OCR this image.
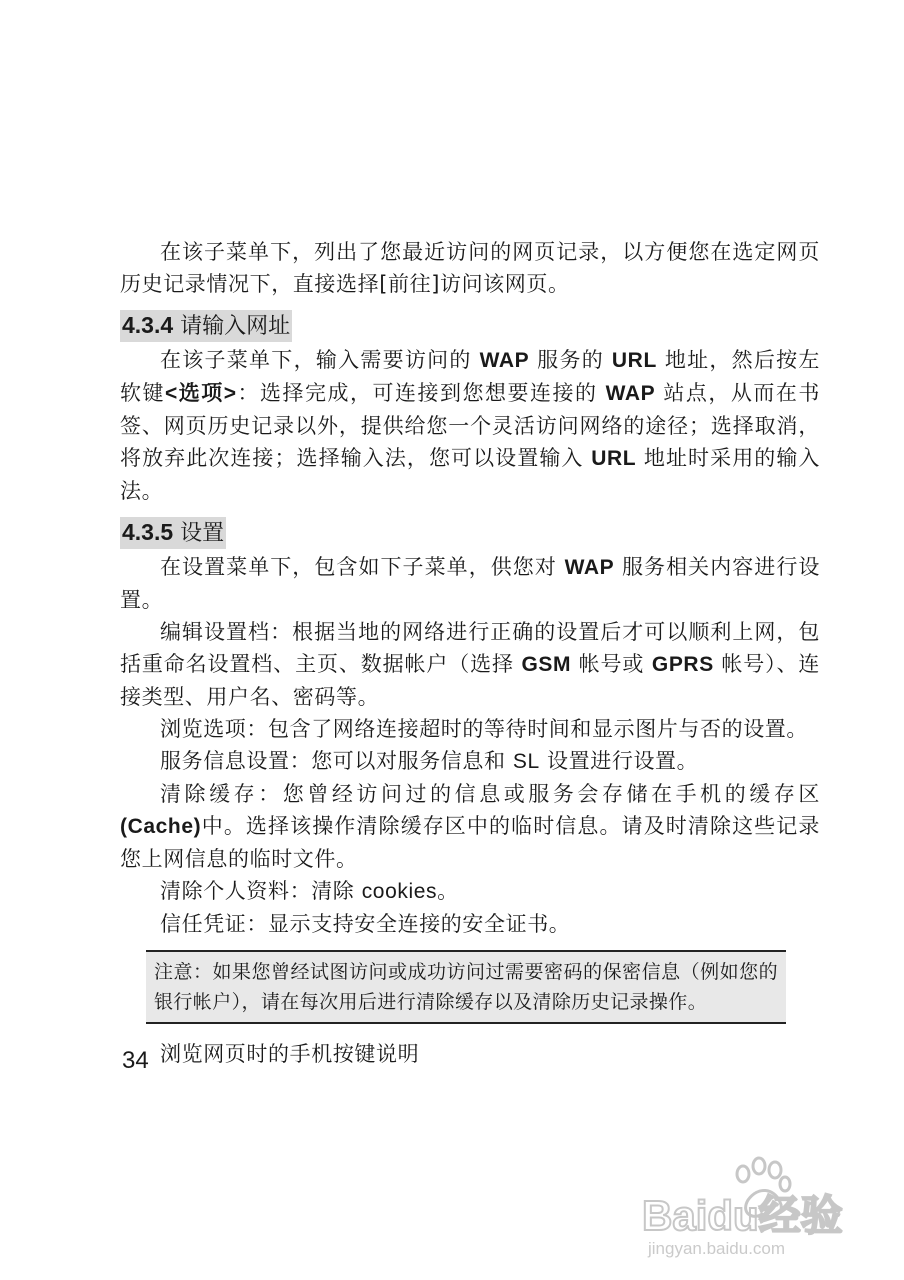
在该子菜单下，列出了您最近访问的网页记录，以方便您在选定网页历史记录情况下，直接选择[前往]访问该网页。

4.3.4 请输入网址

在该子菜单下，输入需要访问的 WAP 服务的 URL 地址，然后按左软键<选项>：选择完成，可连接到您想要连接的 WAP 站点，从而在书签、网页历史记录以外，提供给您一个灵活访问网络的途径；选择取消，将放弃此次连接；选择输入法，您可以设置输入 URL 地址时采用的输入法。

4.3.5 设置

在设置菜单下，包含如下子菜单，供您对 WAP 服务相关内容进行设置。

编辑设置档：根据当地的网络进行正确的设置后才可以顺利上网，包括重命名设置档、主页、数据帐户（选择 GSM 帐号或 GPRS 帐号）、连接类型、用户名、密码等。

浏览选项：包含了网络连接超时的等待时间和显示图片与否的设置。

服务信息设置：您可以对服务信息和 SL 设置进行设置。

清除缓存：您曾经访问过的信息或服务会存储在手机的缓存区(Cache)中。选择该操作清除缓存区中的临时信息。请及时清除这些记录您上网信息的临时文件。

清除个人资料：清除 cookies。

信任凭证：显示支持安全连接的安全证书。

注意：如果您曾经试图访问或成功访问过需要密码的保密信息（例如您的银行帐户），请在每次用后进行清除缓存以及清除历史记录操作。

浏览网页时的手机按键说明

34
Baidu经验
jingyan.baidu.com
